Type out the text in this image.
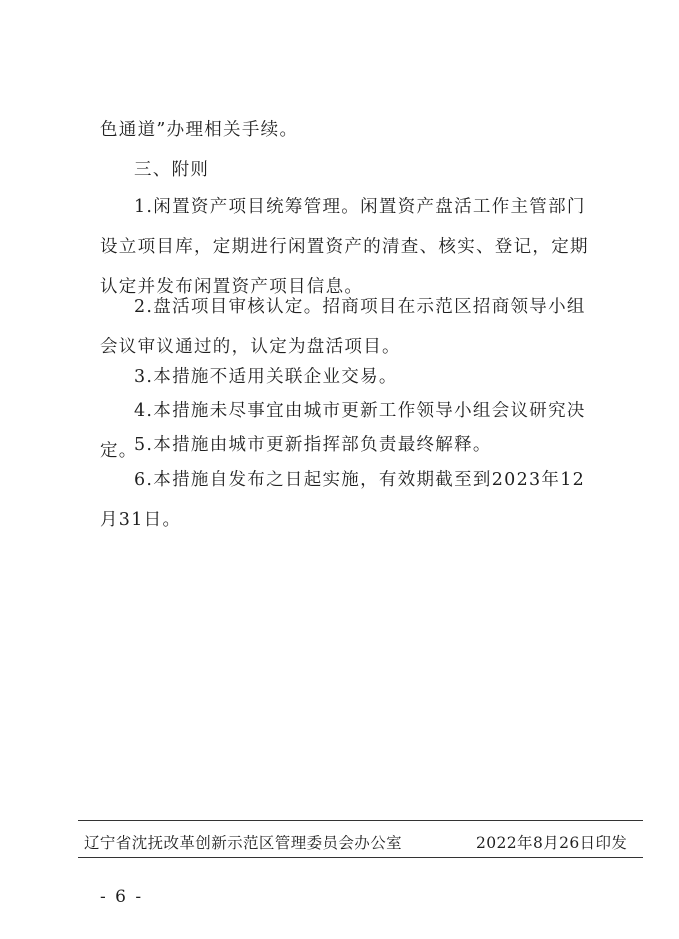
色通道”办理相关手续。

三、附则

1.闲置资产项目统筹管理。闲置资产盘活工作主管部门设立项目库，定期进行闲置资产的清查、核实、登记，定期认定并发布闲置资产项目信息。

2.盘活项目审核认定。招商项目在示范区招商领导小组会议审议通过的，认定为盘活项目。

3.本措施不适用关联企业交易。

4.本措施未尽事宜由城市更新工作领导小组会议研究决定。

5.本措施由城市更新指挥部负责最终解释。

6.本措施自发布之日起实施，有效期截至到2023年12月31日。

辽宁省沈抚改革创新示范区管理委员会办公室	2022年8月26日印发
- 6 -
